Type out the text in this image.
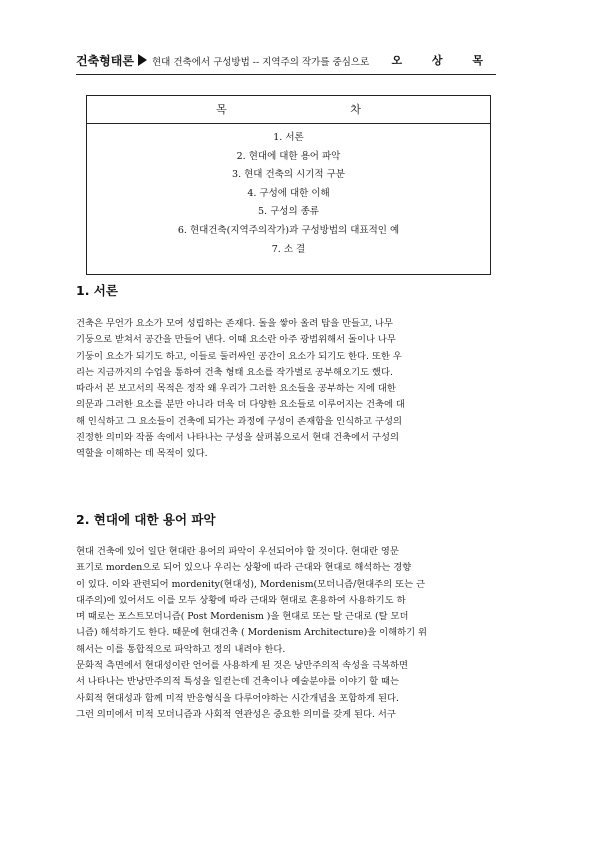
건축형태론 현대 건축에서 구성방법 -- 지역주의 작가를 중심으로 오 상 목
목 차
1. 서론
2. 현대에 대한 용어 파악
3. 현대 건축의 시기적 구분
4. 구성에 대한 이해
5. 구성의 종류
6. 현대건축(지역주의작가)과 구성방법의 대표적인 예
7. 소 결
1. 서론
건축은 무언가 요소가 모여 성립하는 존재다. 돌을 쌓아 올려 탑을 만들고, 나무
기둥으로 받쳐서 공간을 만들어 낸다. 이때 요소란 아주 광범위해서 돌이나 나무
기둥이 요소가 되기도 하고, 이들로 둘러싸인 공간이 요소가 되기도 한다. 또한 우
리는 지금까지의 수업을 통하여 건축 형태 요소를 작가별로 공부해오기도 했다.
따라서 본 보고서의 목적은 정작 왜 우리가 그러한 요소들을 공부하는 지에 대한
의문과 그러한 요소를 분만 아니라 더욱 더 다양한 요소들로 이루어지는 건축에 대
해 인식하고 그 요소들이 건축에 되가는 과정에 구성이 존재함을 인식하고 구성의
진정한 의미와 작품 속에서 나타나는 구성을 살펴봄으로서 현대 건축에서 구성의
역할을 이해하는 데 목적이 있다.
2. 현대에 대한 용어 파악
현대 건축에 있어 일단 현대란 용어의 파악이 우선되어야 할 것이다. 현대란 영문
표기로 morden으로 되어 있으나 우리는 상황에 따라 근대와 현대로 해석하는 경향
이 있다. 이와 관련되어 mordenity(현대성), Mordenism(모더니즘/현대주의 또는 근
대주의)에 있어서도 이를 모두 상황에 따라 근대와 현대로 혼용하여 사용하기도 하
며 때로는 포스트모더니즘( Post Mordenism )을 현대로 또는 탈 근대로 (탈 모더
니즘) 해석하기도 한다. 때문에 현대건축 ( Mordenism Architecture)을 이해하기 위
해서는 이를 통합적으로 파악하고 정의 내려야 한다.
문화적 측면에서 현대성이란 언어를 사용하게 된 것은 낭만주의적 속성을 극복하면
서 나타나는 반낭만주의적 특성을 일컫는데 건축이나 예술분야를 이야기 할 때는
사회적 현대성과 함께 미적 반응형식을 다루어야하는 시간개념을 포함하게 된다.
그런 의미에서 미적 모더니즘과 사회적 연관성은 중요한 의미를 갖게 된다. 서구
